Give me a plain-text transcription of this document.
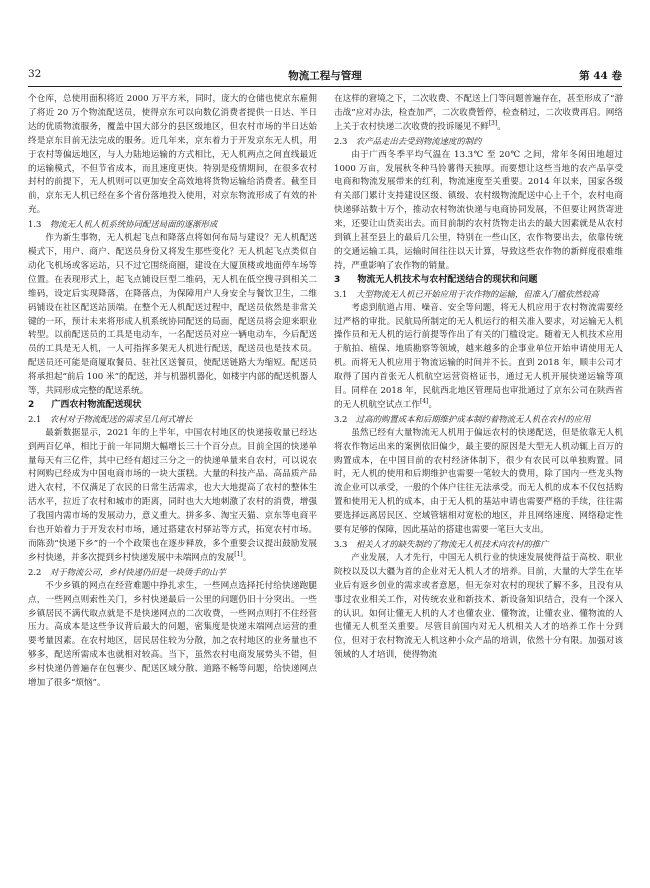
32	物流工程与管理	第 44 卷

个仓库，总使用面积将近 2000 万平方米，同时，庞大的仓储也使京东雇佣了将近 20 万个物流配送员，使得京东可以向数亿消费者提供一日达、半日达的优质物流服务，覆盖中国大部分的县区级地区，但农村市场的半日达始终是京东目前无法完成的服务。近几年来，京东着力于开发京东无人机，用于农村等偏远地区，与人力陆地运输的方式相比，无人机两点之间直线最近的运输模式，不但节省成本，而且速度更快。特别是疫情期间，在很多农村封村的前提下，无人机则可以更加安全高效地将货物运输给消费者。截至目前，京东无人机已经在多个省份落地投入使用，对京东物流形成了有效的补充。

1.3 物流无人机人机系统协同配送局面的逐渐形成

作为新生事物，无人机起飞点和降落点将如何布局与建设？无人机配送模式下，用户、商户、配送员身份又将发生那些变化？无人机起飞点类似自动化飞机场或客运站，只不过它围绕商圈，建设在大厦顶楼或地面停车场等位置。在表现形式上，起飞点铺设巨型二维码，无人机在低空搜寻到相关二维码，设定后实现降落，在降落点，为保障用户人身安全与餐饮卫生，二维码铺设在社区配送站顶端。在整个无人机配送过程中，配送员依然是非常关键的一环，预计未来将形成人机系统协同配送的局面，配送员将会迎来职业转型。以前配送员的工具是电动车，一名配送员对应一辆电动车，今后配送员的工具是无人机，一人可指挥多架无人机进行配送，配送员也是技术员。配送员还可能是商厦取餐员、驻社区送餐员，使配送链路大为缩短。配送员将承担起“前后 100 米”的配送，并与机器机器化，如楼宇内部的配送机器人等，共同形成完整的配送系统。

2 广西农村物流配送现状
2.1 农村对于物流配送的需求呈几何式增长

最新数据显示，2021 年的上半年，中国农村地区的快递接收量已经达到两百亿单，相比于前一年同期大幅增长三十个百分点。目前全国的快递单量每天有三亿件，其中已经有超过三分之一的快递单量来自农村，可以说农村网购已经成为中国电商市场的一块大蛋糕。大量的科技产品、高品质产品进入农村，不仅满足了农民的日常生活需求，也大大地提高了农村的整体生活水平，拉近了农村和城市的距离，同时也大大地刺激了农村的消费，增强了我国内需市场的发展动力，意义重大。拼多多、淘宝天猫、京东等电商平台也开始着力于开发农村市场，通过搭建农村驿站等方式，拓宽农村市场。而陈劲“快递下乡”的一个个政策也在逐步释放，多个重要会议提出鼓励发展乡村快递，并多次提到乡村快递发展中未端网点的发展[1]。

2.2 对于物流公司，乡村快递仍旧是一块烫手的山芋

不少乡镇的网点在经营难题中挣扎求生，一些网点选择托付给快递跑腿点，一些网点则索性关门，乡村快递最后一公里的问题仍旧十分突出。一些乡镇居民不满代取点就是不是快递网点的二次收费，一些网点则打不住经营压力。高成本是这些争议背后最大的问题，密集度是快递末端网点运营的重要考量因素。在农村地区，居民居住较为分散，加之农村地区的业务量也不够多，配送所需成本也就相对较高。当下，虽然农村电商发展势头不错，但乡村快递仍普遍存在包裹少、配送区域分散、道路不畅等问题，给快递网点增加了很多“烦恼”。

在这样的窘境之下，二次收费、不配送上门等问题普遍存在，甚至形成了“游击战”应对办法，检查加严，二次收费暂停，检查稍过，二次收费再启。网络上关于农村快递二次收费的投诉屡见不鲜[3]。

2.3 农产品走出去受到物流速度的制约

由于广西冬季平均气温在 13.3℃ 至 20℃ 之间，常年冬闲田地超过 1000 万亩，发展秋冬种马铃薯得天独厚。而要想让这些当地的农产品享受电商和物流发展带来的红利，物流速度至关重要。2014 年以来，国家各级有关部门累计支持建设区级、镇级、农村级物流配送中心上千个，农村电商快递驿站数十万个，推动农村物流快递与电商协同发展，不但要让网货寄进来，还要让山货卖出去。而目前制约农村货物走出去的最大因素就是从农村到镇上甚至县上的最后几公里，特别在一些山区，农作物要出去，依靠传统的交通运输工具，运输时间往往以天计算，导致这些农作物的新鲜度很难维持，严重影响了农作物的销量。

3 物流无人机技术与农村配送结合的现状和问题
3.1 大型物流无人机已开始应用于农作物的运输，但准入门槛依然较高

考虑到航道占用、噪音、安全等问题，将无人机应用于农村物流需要经过严格的审批。民航局所制定的无人机运行的相关准入要求，对运输无人机操作员和无人机的运行前提等作出了有关的门槛设定。随着无人机技术应用于航拍、植保、地质勘察等领域，越来越多的企事业单位开始申请使用无人机。而将无人机应用于物流运输的时间并不长。直到 2018 年，顺丰公司才取得了国内首张无人机航空运营资格证书，通过无人机开展快递运输等项目。同样在 2018 年，民航西北地区管理局也审批通过了京东公司在陕西省的无人机航空试点工作[4]。

3.2 过高的购置成本和后期维护成本制约着物流无人机在农村的应用

虽然已经有大量物流无人机用于偏远农村的快递配送，但是依靠无人机将农作物运出来的案例依旧偏少，最主要的原因是大型无人机动辄上百万的购置成本，在中国目前的农村经济体制下，很少有农民可以单独购置。同时，无人机的使用和后期维护也需要一笔较大的费用，除了国内一些龙头物流企业可以承受，一般的个体户往往无法承受。而无人机的成本不仅包括购置和使用无人机的成本，由于无人机的基站申请也需要严格的手续，往往需要选择远离居民区、空域管辖相对宽松的地区，并且网络速度、网络稳定性要有足够的保障，因此基站的搭建也需要一笔巨大支出。

3.3 相关人才的缺失制约了物流无人机技术向农村的推广

产业发展，人才先行，中国无人机行业的快速发展使得益于高校、职业院校以及以大疆为首的企业对无人机人才的培养。目前，大量的大学生在毕业后有返乡创业的需求或者意愿，但无奈对农村的现状了解不多，且没有从事过农业相关工作，对传统农业和新技术、新设备知识结合，没有一个深入的认识。如何让懂无人机的人才也懂农业、懂物流，让懂农业、懂物流的人也懂无人机至关重要。尽管目前国内对无人机相关人才的培养工作十分到位，但对于农村物流无人机这种小众产品的培训，依然十分有限。加强对该领域的人才培训，使得物流
